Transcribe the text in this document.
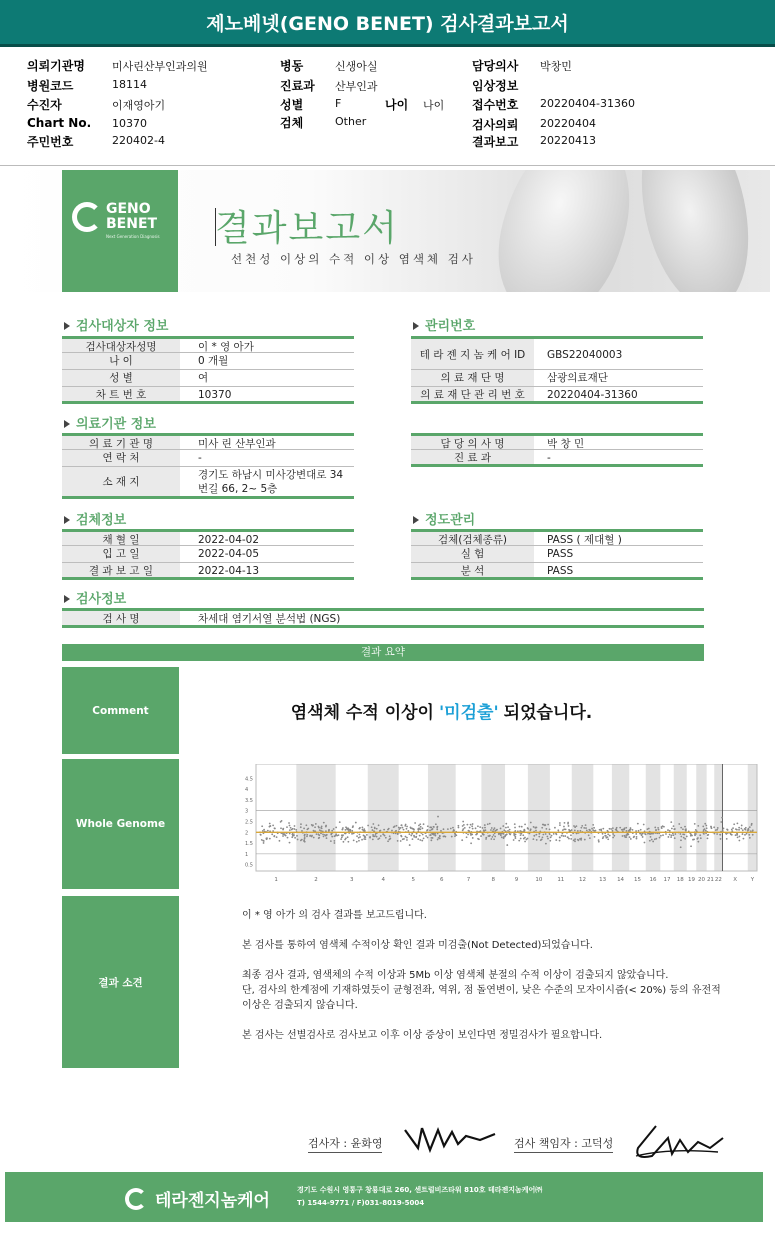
제노베넷(GENO BENET) 검사결과보고서
의뢰기관명 미사린산부인과의원	병동	신생아실	담당의사 박창민
병원코드	18114	진료과 산부인과	임상정보
수진자	이재영아기	성별	F	나이 나이 접수번호 20220404-31360
Chart No. 10370	검체	Other	검사의뢰 20220404
주민번호	220402-4	결과보고 20220413
GENO
BENET
Next Generation Diagnosis 결과보고서
선천성 이상의 수적 이상 염색체 검사
검사대상자 정보
검사대상자성명	이 * 영 아가
나 이	0 개월
성 별	여
차 트 번 호	10370
관리번호
테 라 젠 지 놈 케 어 ID	GBS22040003
의 료 재 단 명	삼광의료재단
의 료 재 단 관 리 번 호	20220404-31360
의료기관 정보
의 료 기 관 명	미사 린 산부인과
연 락 처	-
소 재 지
경기도 하남시 미사강변대로 34
번길 66, 2~ 5층
담 당 의 사 명	박 창 민
진 료 과	-
검체정보
채 혈 일	2022-04-02
입 고 일	2022-04-05
결 과 보 고 일	2022-04-13
정도관리
검체(검체종류)	PASS ( 제대혈 )
실 험	PASS
분 석	PASS
검사정보
검 사 명	차세대 염기서열 분석법 (NGS)
결과 요약
Comment	염색체 수적 이상이 '미검출' 되었습니다.
Whole Genome
4.5
4
3.5
3
2.5
2
1.5
1
0.5
1	2	3	4	5	6	7	8	9	10	11	12 13 14 15 16 17 18 19 20 21 22 X Y
결과 소견

이 * 영 아가 의 검사 결과를 보고드립니다.

본 검사를 통하여 염색체 수적이상 확인 결과 미검출(Not Detected)되었습니다.

최종 검사 결과, 염색체의 수적 이상과 5Mb 이상 염색체 분절의 수적 이상이 검출되지 않았습니다.
단, 검사의 한계점에 기재하였듯이 균형전좌, 역위, 점 돌연변이, 낮은 수준의 모자이시즘(< 20%) 등의 유전적
이상은 검출되지 않습니다.

본 검사는 선별검사로 검사보고 이후 이상 증상이 보인다면 정밀검사가 필요합니다.

검사자 : 윤화영	검사 책임자 : 고덕성
테라젠지놈케어
경기도 수원시 영통구 창룡대로 260, 센트럴비즈타워 810호 테라젠지놈케어㈜
T) 1544-9771 / F)031-8019-5004
